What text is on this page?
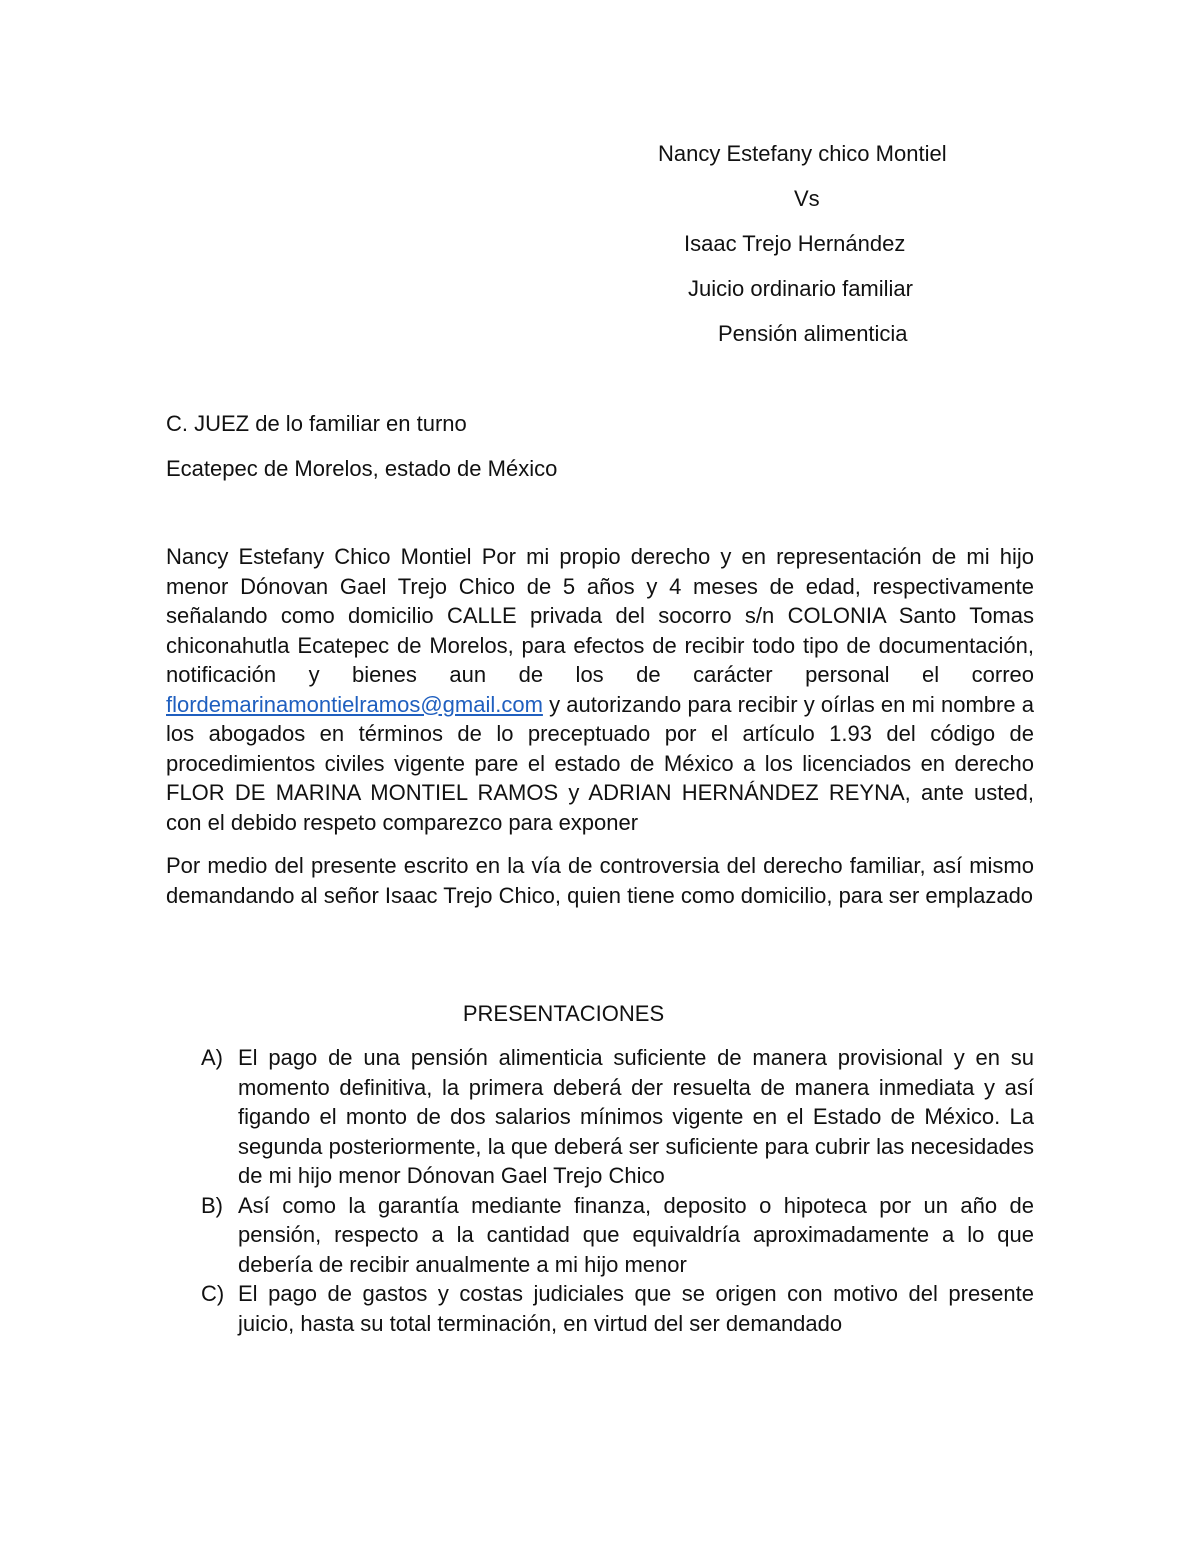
Nancy Estefany chico Montiel
Vs
Isaac Trejo Hernández
Juicio ordinario familiar
Pensión alimenticia
C. JUEZ de lo familiar en turno
Ecatepec de Morelos, estado de México
Nancy Estefany Chico Montiel Por mi propio derecho y en representación de mi hijo menor Dónovan Gael Trejo Chico de 5 años y 4 meses de edad, respectivamente señalando como domicilio CALLE privada del socorro s/n COLONIA Santo Tomas chiconahutla Ecatepec de Morelos, para efectos de recibir todo tipo de documentación, notificación y bienes aun de los de carácter personal el correo flordemarinamontielramos@gmail.com y autorizando para recibir y oírlas en mi nombre a los abogados en términos de lo preceptuado por el artículo 1.93 del código de procedimientos civiles vigente pare el estado de México a los licenciados en derecho FLOR DE MARINA MONTIEL RAMOS y ADRIAN HERNÁNDEZ REYNA, ante usted, con el debido respeto comparezco para exponer
Por medio del presente escrito en la vía de controversia del derecho familiar, así mismo demandando al señor Isaac Trejo Chico, quien tiene como domicilio, para ser emplazado
PRESENTACIONES
A) El pago de una pensión alimenticia suficiente de manera provisional y en su momento definitiva, la primera deberá der resuelta de manera inmediata y así figando el monto de dos salarios mínimos vigente en el Estado de México. La segunda posteriormente, la que deberá ser suficiente para cubrir las necesidades de mi hijo menor Dónovan Gael Trejo Chico
B) Así como la garantía mediante finanza, deposito o hipoteca por un año de pensión, respecto a la cantidad que equivaldría aproximadamente a lo que debería de recibir anualmente a mi hijo menor
C) El pago de gastos y costas judiciales que se origen con motivo del presente juicio, hasta su total terminación, en virtud del ser demandado
